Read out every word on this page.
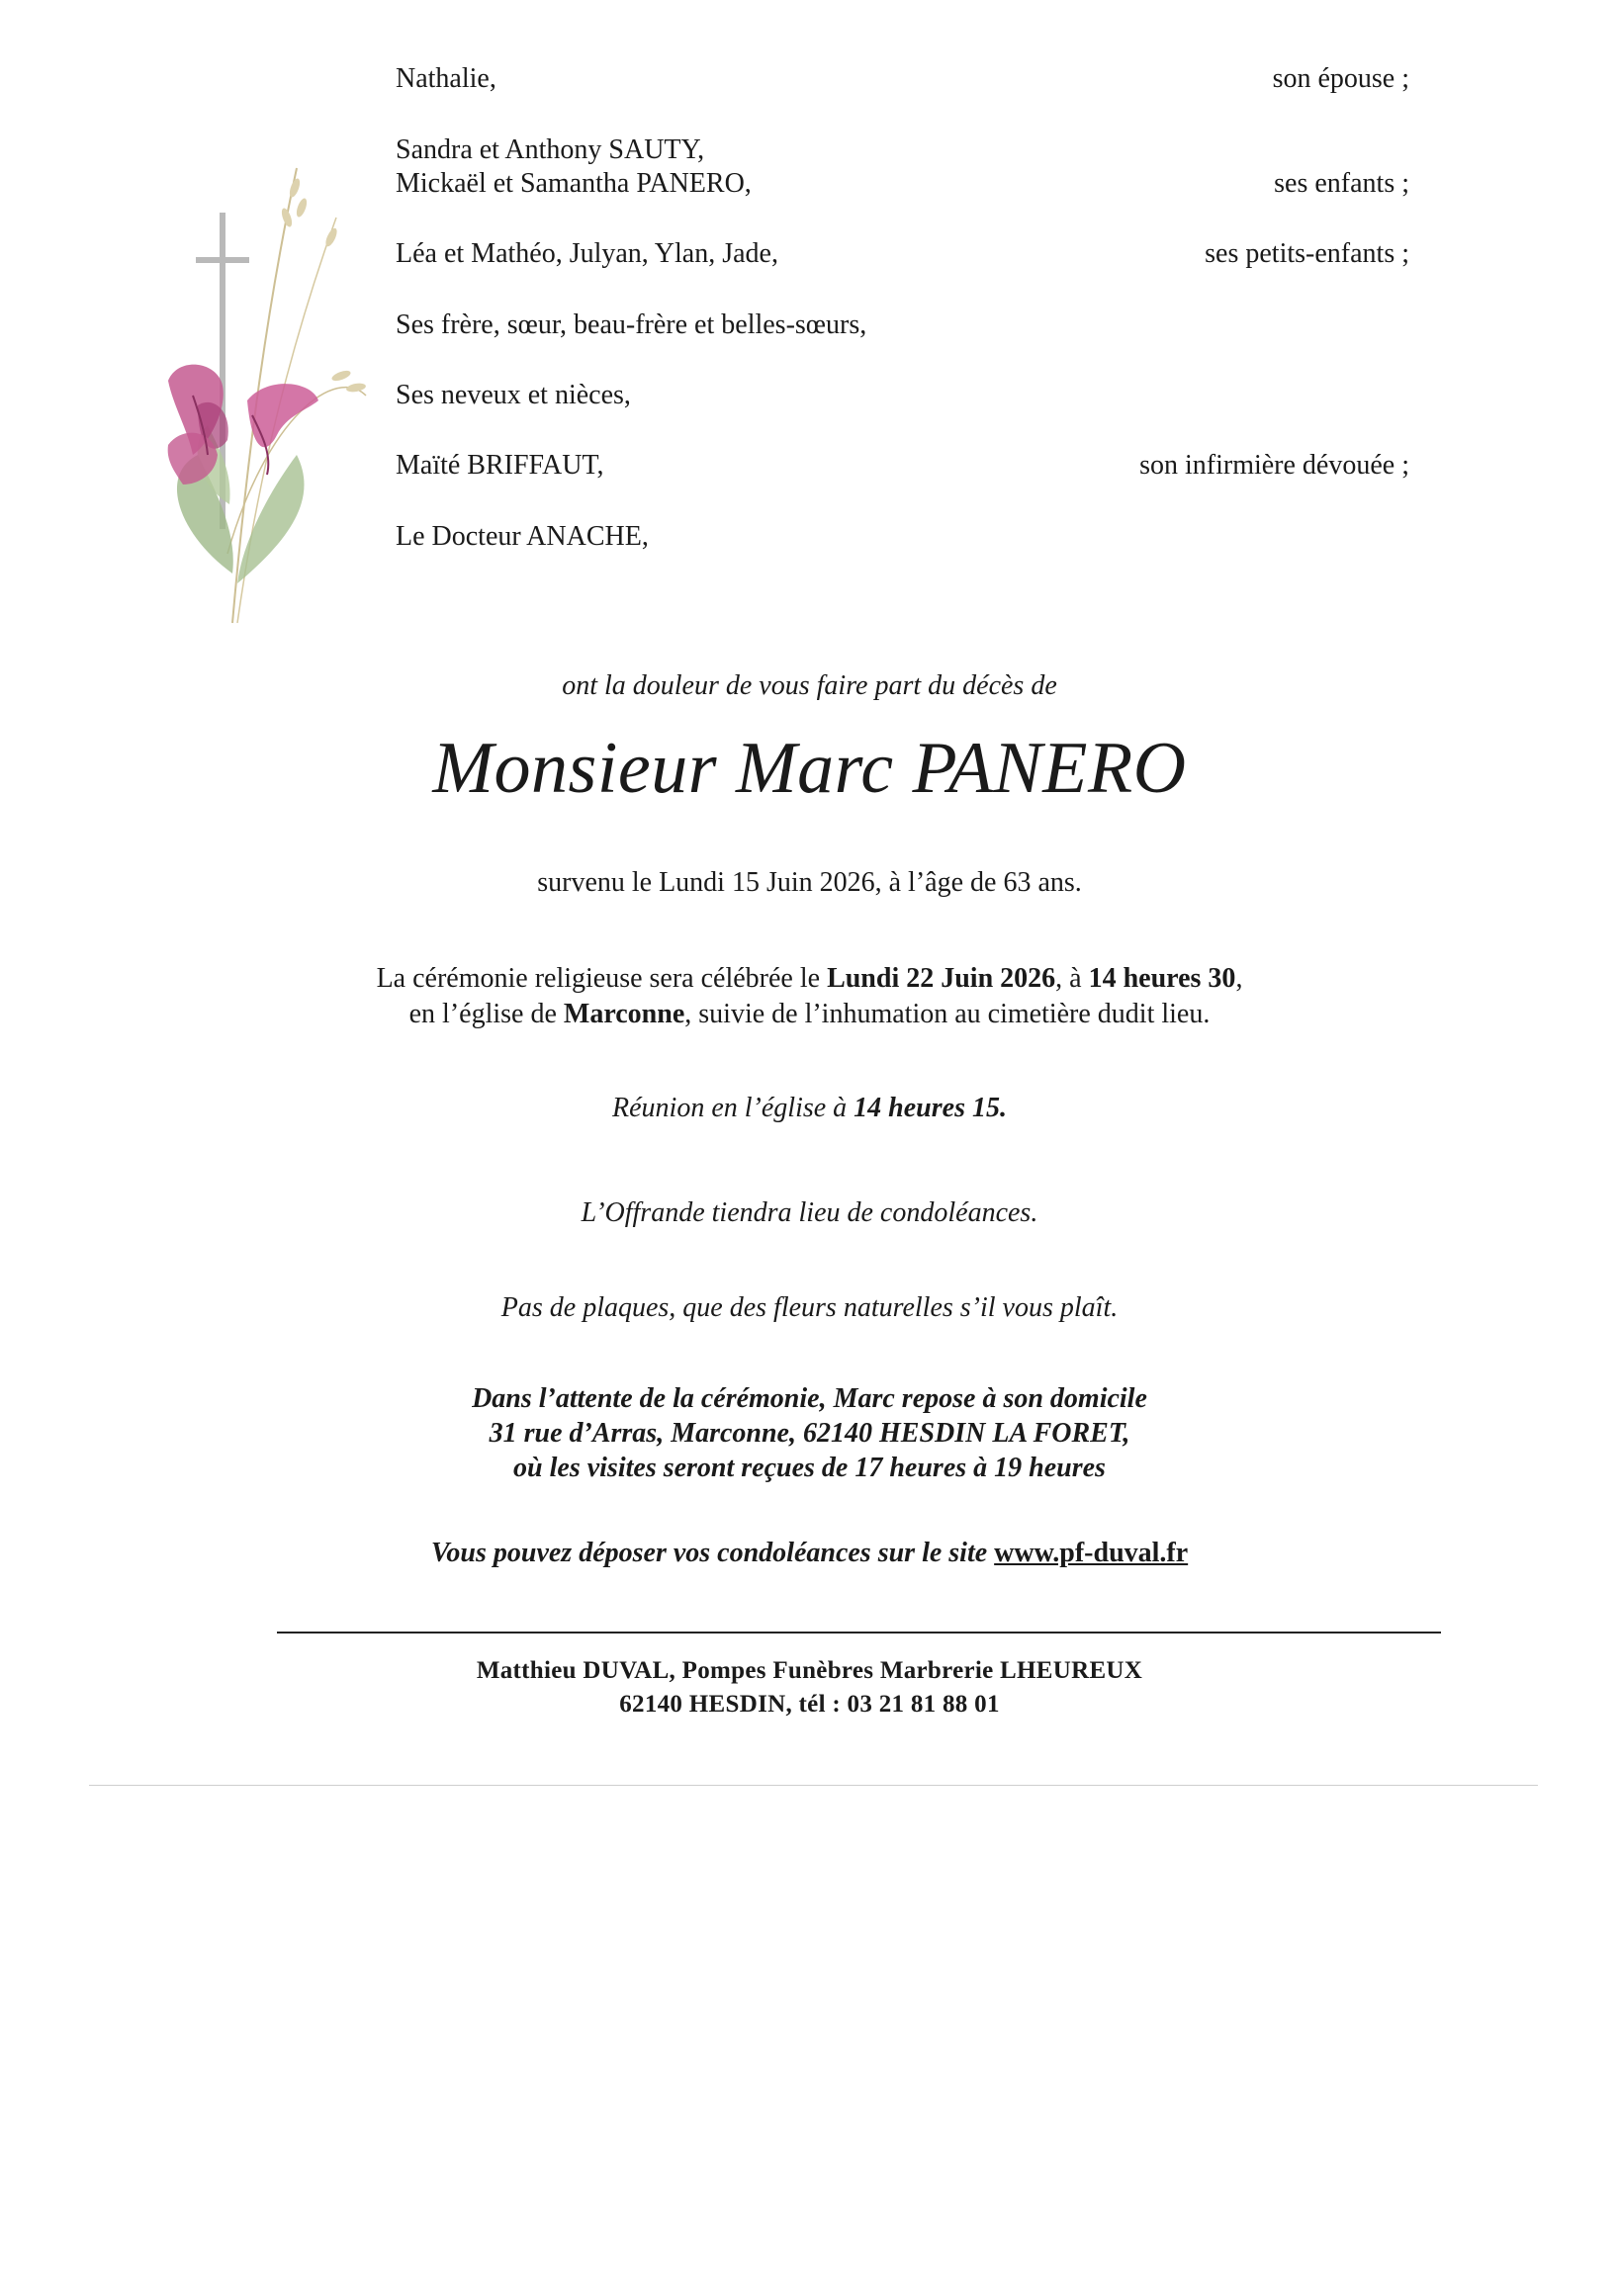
Nathalie,	son épouse ;
Sandra et Anthony SAUTY,
Mickaël et Samantha PANERO,	ses enfants ;
Léa et Mathéo, Julyan, Ylan, Jade,	ses petits-enfants ;
Ses frère, sœur, beau-frère et belles-sœurs,
Ses neveux et nièces,
Maïté BRIFFAUT,	son infirmière dévouée ;
Le Docteur ANACHE,
ont la douleur de vous faire part du décès de
Monsieur Marc PANERO
survenu le Lundi 15 Juin 2026, à l’âge de 63 ans.
La cérémonie religieuse sera célébrée le Lundi 22 Juin 2026, à 14 heures 30,
en l’église de Marconne, suivie de l’inhumation au cimetière dudit lieu.
Réunion en l’église à 14 heures 15.
L’Offrande tiendra lieu de condoléances.
Pas de plaques, que des fleurs naturelles s’il vous plaît.
Dans l’attente de la cérémonie, Marc repose à son domicile
31 rue d’Arras, Marconne, 62140 HESDIN LA FORET,
où les visites seront reçues de 17 heures à 19 heures
Vous pouvez déposer vos condoléances sur le site www.pf-duval.fr
Matthieu DUVAL, Pompes Funèbres Marbrerie LHEUREUX
62140 HESDIN, tél : 03 21 81 88 01
